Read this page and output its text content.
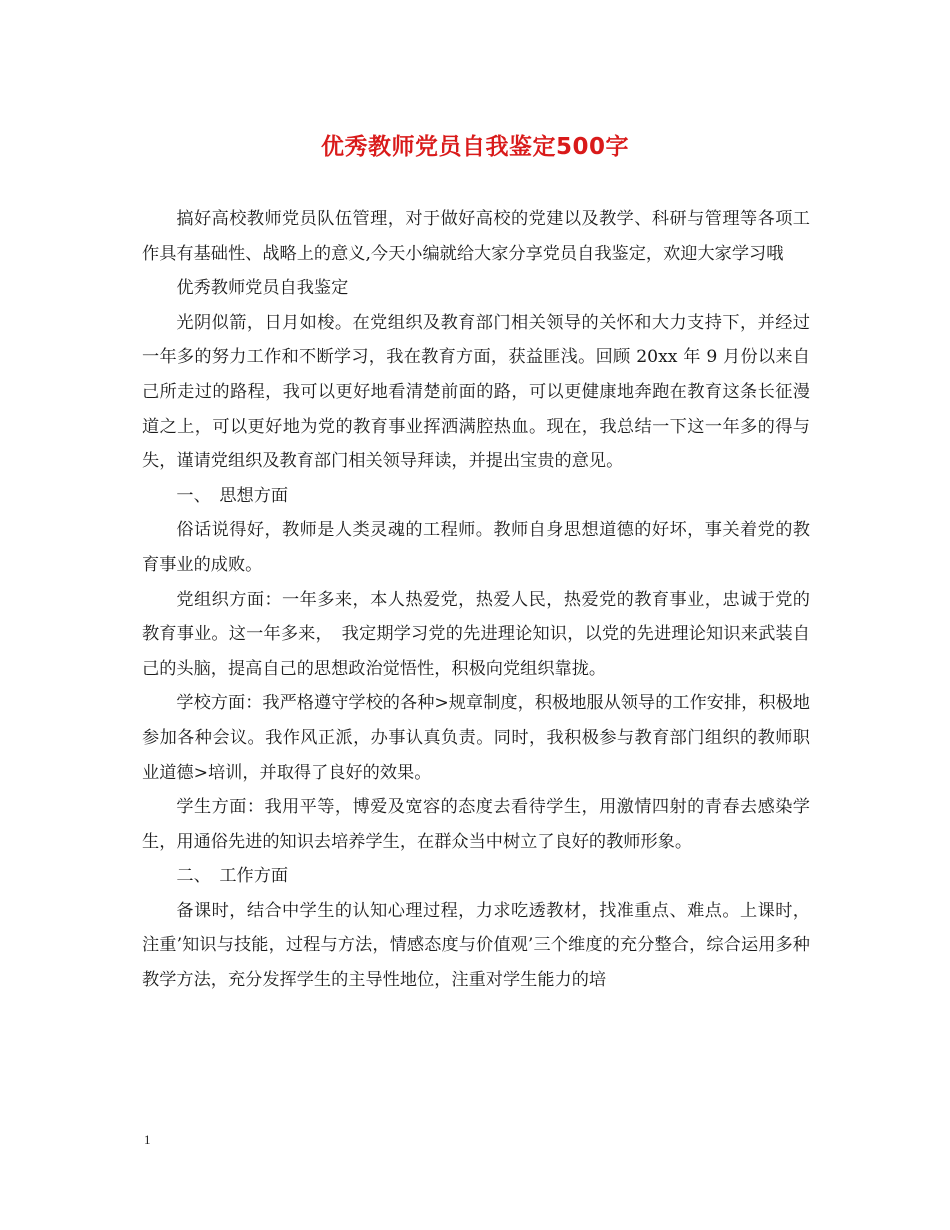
优秀教师党员自我鉴定500字

搞好高校教师党员队伍管理，对于做好高校的党建以及教学、科研与管理等各项工作具有基础性、战略上的意义,今天小编就给大家分享党员自我鉴定，欢迎大家学习哦

优秀教师党员自我鉴定

光阴似箭，日月如梭。在党组织及教育部门相关领导的关怀和大力支持下，并经过一年多的努力工作和不断学习，我在教育方面，获益匪浅。回顾 20xx 年 9 月份以来自己所走过的路程，我可以更好地看清楚前面的路，可以更健康地奔跑在教育这条长征漫道之上，可以更好地为党的教育事业挥洒满腔热血。现在，我总结一下这一年多的得与失，谨请党组织及教育部门相关领导拜读，并提出宝贵的意见。

一、　思想方面

俗话说得好，教师是人类灵魂的工程师。教师自身思想道德的好坏，事关着党的教育事业的成败。

党组织方面：一年多来，本人热爱党，热爱人民，热爱党的教育事业，忠诚于党的教育事业。这一年多来，　我定期学习党的先进理论知识，以党的先进理论知识来武装自己的头脑，提高自己的思想政治觉悟性，积极向党组织靠拢。

学校方面：我严格遵守学校的各种>规章制度，积极地服从领导的工作安排，积极地参加各种会议。我作风正派，办事认真负责。同时，我积极参与教育部门组织的教师职业道德>培训，并取得了良好的效果。

学生方面：我用平等，博爱及宽容的态度去看待学生，用激情四射的青春去感染学生，用通俗先进的知识去培养学生，在群众当中树立了良好的教师形象。

二、　工作方面

备课时，结合中学生的认知心理过程，力求吃透教材，找准重点、难点。上课时，注重’知识与技能，过程与方法，情感态度与价值观’三个维度的充分整合，综合运用多种教学方法，充分发挥学生的主导性地位，注重对学生能力的培

1
